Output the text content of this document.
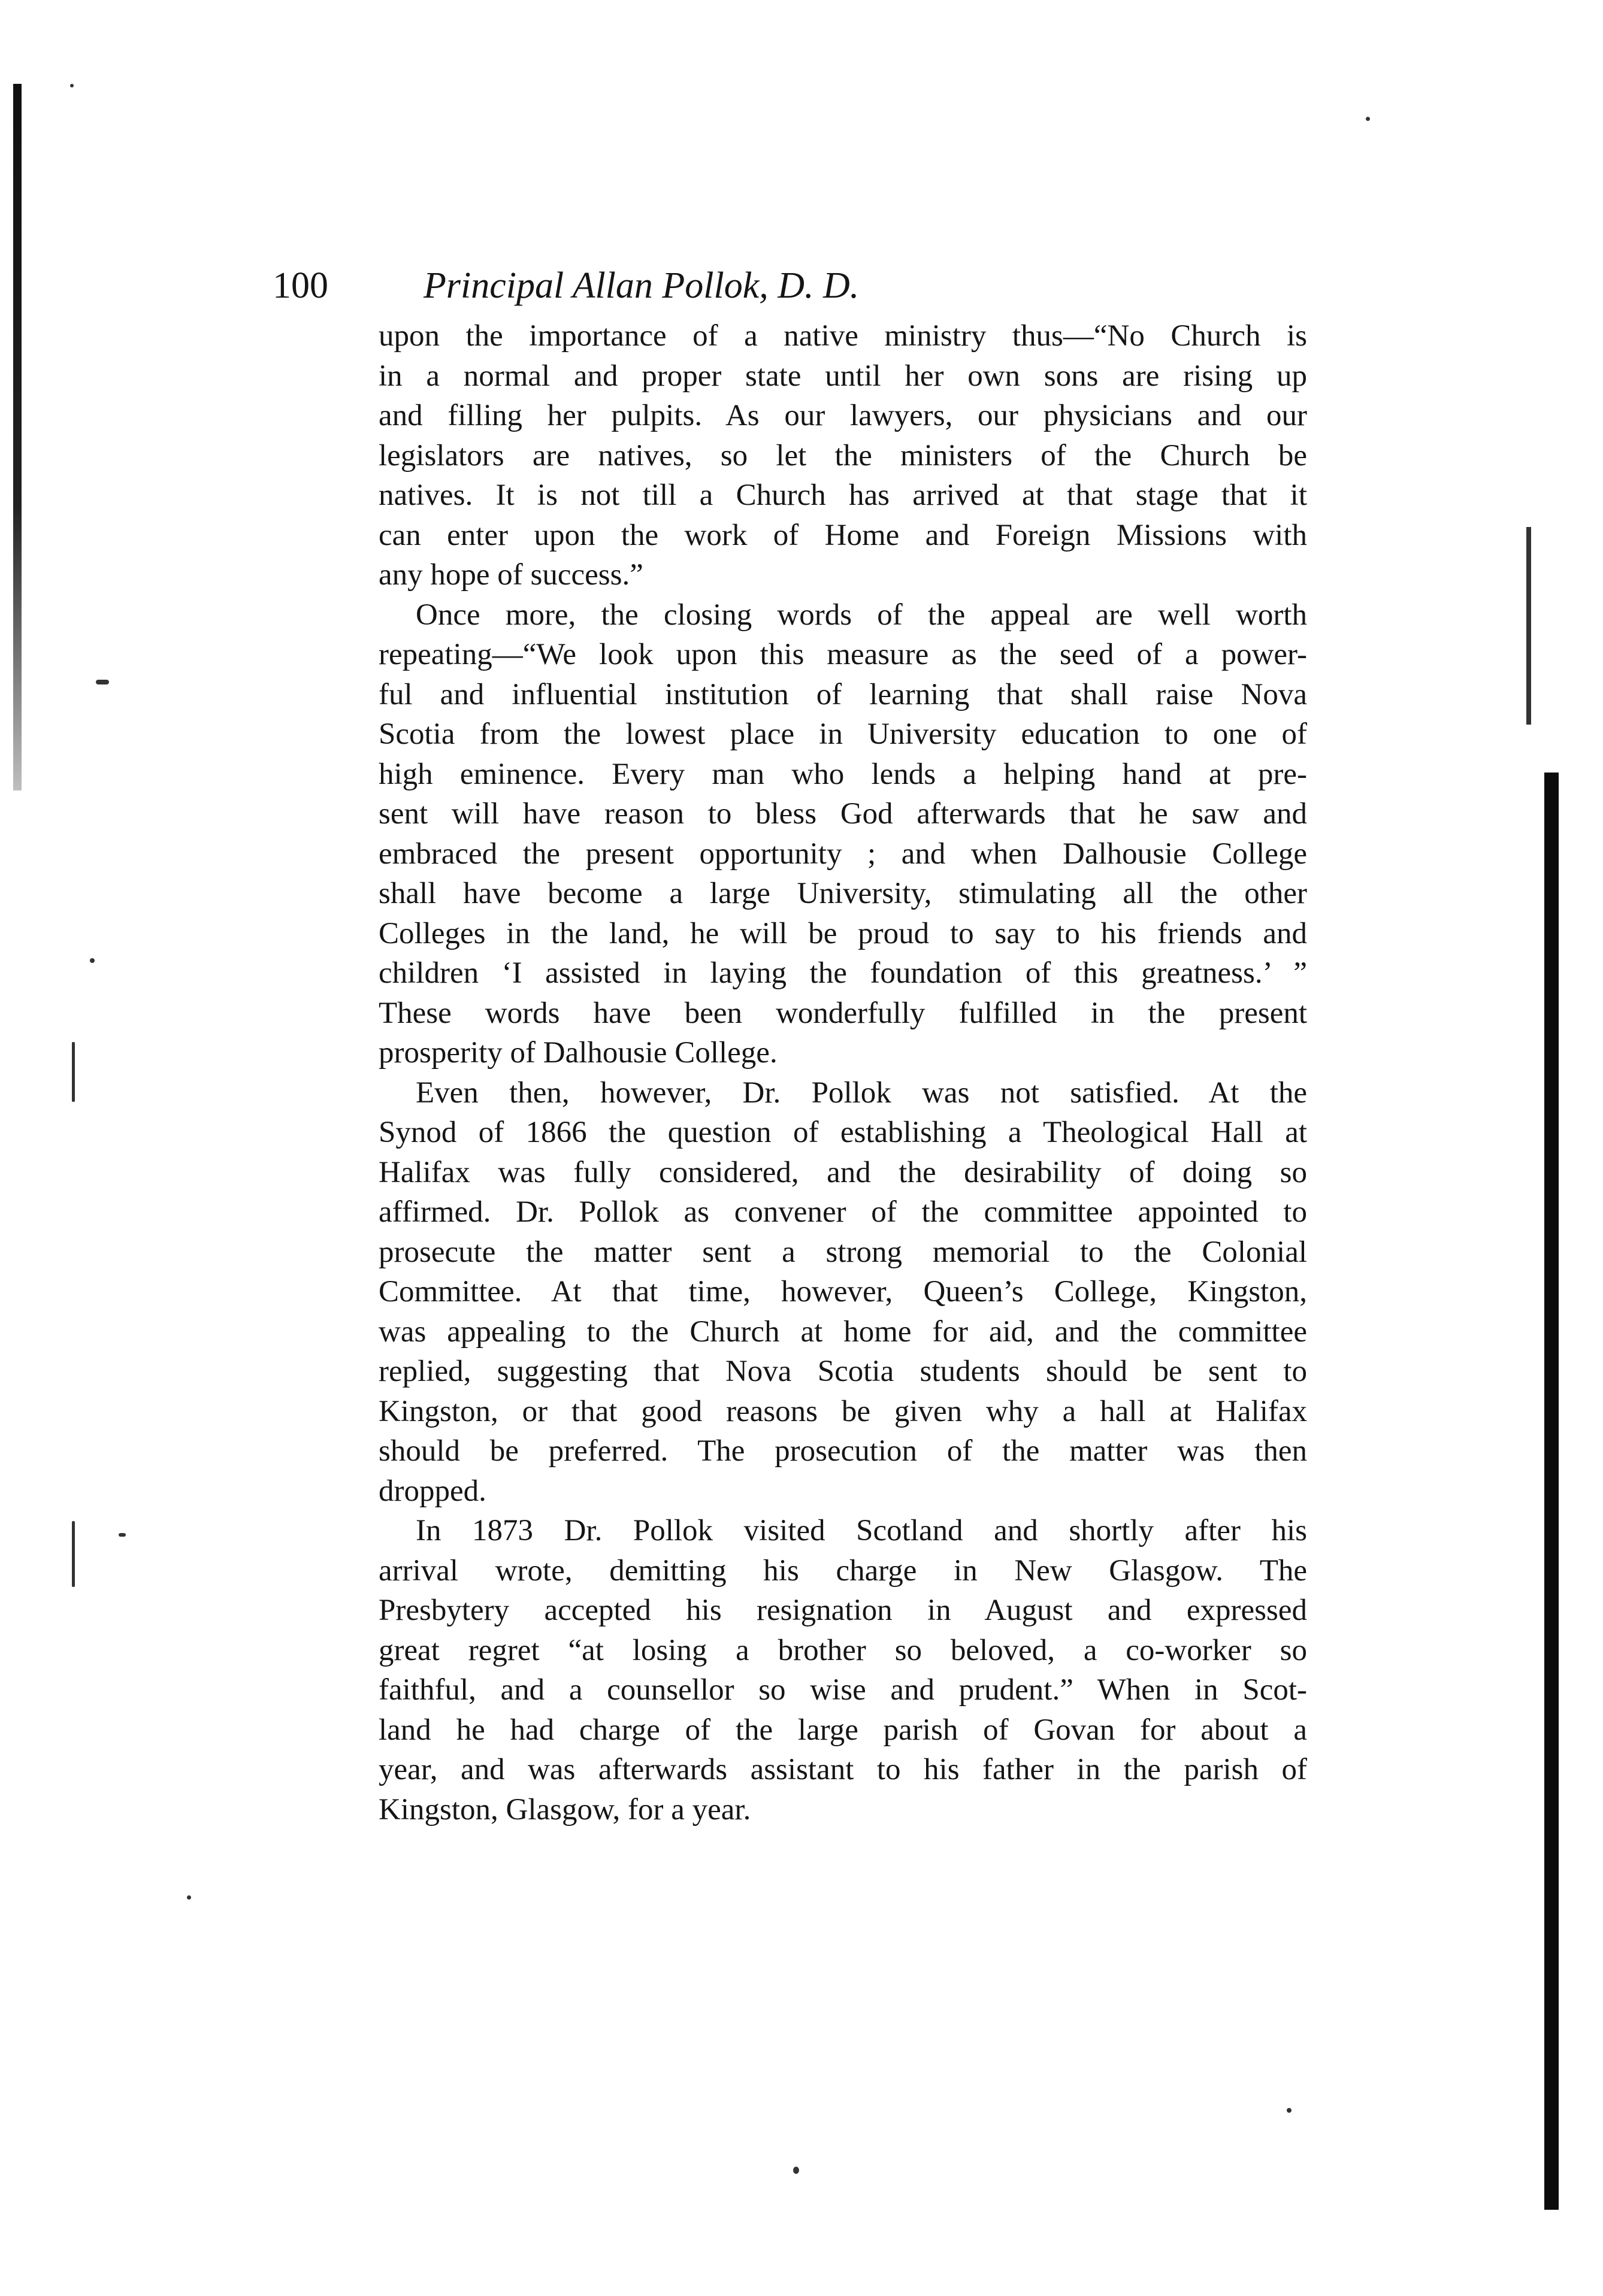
100	Principal Allan Pollok, D. D.
upon the importance of a native ministry thus—“No Church is
in a normal and proper state until her own sons are rising up
and filling her pulpits. As our lawyers, our physicians and our
legislators are natives, so let the ministers of the Church be
natives. It is not till a Church has arrived at that stage that it
can enter upon the work of Home and Foreign Missions with
any hope of success.”
Once more, the closing words of the appeal are well worth
repeating—“We look upon this measure as the seed of a power-
ful and influential institution of learning that shall raise Nova
Scotia from the lowest place in University education to one of
high eminence. Every man who lends a helping hand at pre-
sent will have reason to bless God afterwards that he saw and
embraced the present opportunity ; and when Dalhousie College
shall have become a large University, stimulating all the other
Colleges in the land, he will be proud to say to his friends and
children ‘I assisted in laying the foundation of this greatness.’ ”
These words have been wonderfully fulfilled in the present
prosperity of Dalhousie College.
Even then, however, Dr. Pollok was not satisfied. At the
Synod of 1866 the question of establishing a Theological Hall at
Halifax was fully considered, and the desirability of doing so
affirmed. Dr. Pollok as convener of the committee appointed to
prosecute the matter sent a strong memorial to the Colonial
Committee. At that time, however, Queen’s College, Kingston,
was appealing to the Church at home for aid, and the committee
replied, suggesting that Nova Scotia students should be sent to
Kingston, or that good reasons be given why a hall at Halifax
should be preferred. The prosecution of the matter was then
dropped.
In 1873 Dr. Pollok visited Scotland and shortly after his
arrival wrote, demitting his charge in New Glasgow. The
Presbytery accepted his resignation in August and expressed
great regret “at losing a brother so beloved, a co-worker so
faithful, and a counsellor so wise and prudent.” When in Scot-
land he had charge of the large parish of Govan for about a
year, and was afterwards assistant to his father in the parish of
Kingston, Glasgow, for a year.
